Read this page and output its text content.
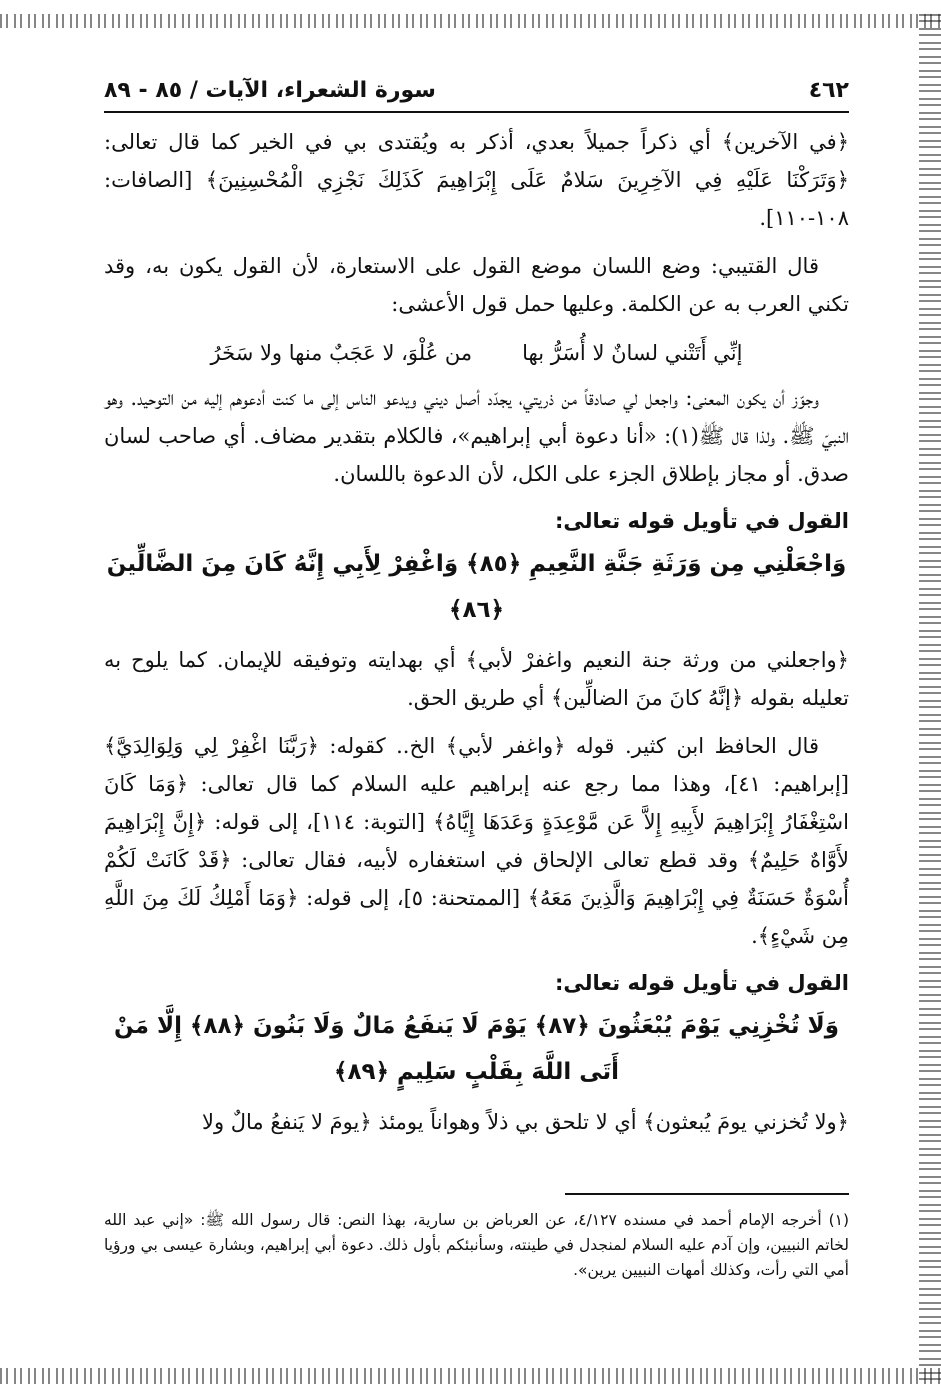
٤٦٢
سورة الشعراء، الآيات / ٨٥ - ٨٩

﴿في الآخرين﴾ أي ذكراً جميلاً بعدي، أذكر به ويُقتدى بي في الخير كما قال تعالى: ﴿وَتَرَكْنَا عَلَيْهِ فِي الآخِرِينَ سَلامٌ عَلَى إِبْرَاهِيمَ كَذَلِكَ نَجْزِي الْمُحْسِنِينَ﴾ [الصافات: ١٠٨-١١٠].

قال القتيبي: وضع اللسان موضع القول على الاستعارة، لأن القول يكون به، وقد تكني العرب به عن الكلمة. وعليها حمل قول الأعشى:

إنِّي أَتَتْني لسانٌ لا أُسَرُّ بها
من عُلْوَ، لا عَجَبٌ منها ولا سَخَرُ

وجوّز أن يكون المعنى: واجعل لي صادقاً من ذريتي، يجدّد أصل ديني ويدعو الناس إلى ما كنت أدعوهم إليه من التوحيد. وهو النبيّ ﷺ. ولذا قال ﷺ(١): «أنا دعوة أبي إبراهيم»، فالكلام بتقدير مضاف. أي صاحب لسان صدق. أو مجاز بإطلاق الجزء على الكل، لأن الدعوة باللسان.

القول في تأويل قوله تعالى:
وَاجْعَلْنِي مِن وَرَثَةِ جَنَّةِ النَّعِيمِ ﴿٨٥﴾ وَاغْفِرْ لِأَبِي إِنَّهُ كَانَ مِنَ الضَّالِّينَ ﴿٨٦﴾

﴿واجعلني من ورثة جنة النعيم واغفرْ لأبي﴾ أي بهدايته وتوفيقه للإيمان. كما يلوح به تعليله بقوله ﴿إنَّهُ كانَ منَ الضالِّين﴾ أي طريق الحق.

قال الحافظ ابن كثير. قوله ﴿واغفر لأبي﴾ الخ.. كقوله: ﴿رَبَّنَا اغْفِرْ لِي وَلِوَالِدَيَّ﴾ [إبراهيم: ٤١]، وهذا مما رجع عنه إبراهيم عليه السلام كما قال تعالى: ﴿وَمَا كَانَ اسْتِغْفَارُ إِبْرَاهِيمَ لأَبِيهِ إِلاَّ عَن مَّوْعِدَةٍ وَعَدَهَا إِيَّاهُ﴾ [التوبة: ١١٤]، إلى قوله: ﴿إِنَّ إِبْرَاهِيمَ لأَوَّاهٌ حَلِيمٌ﴾ وقد قطع تعالى الإلحاق في استغفاره لأبيه، فقال تعالى: ﴿قَدْ كَانَتْ لَكُمْ أُسْوَةٌ حَسَنَةٌ فِي إِبْرَاهِيمَ وَالَّذِينَ مَعَهُ﴾ [الممتحنة: ٥]، إلى قوله: ﴿وَمَا أَمْلِكُ لَكَ مِنَ اللَّهِ مِن شَيْءٍ﴾.

القول في تأويل قوله تعالى:
وَلَا تُخْزِنِي يَوْمَ يُبْعَثُونَ ﴿٨٧﴾ يَوْمَ لَا يَنفَعُ مَالٌ وَلَا بَنُونَ ﴿٨٨﴾ إِلَّا مَنْ أَتَى اللَّهَ بِقَلْبٍ سَلِيمٍ ﴿٨٩﴾

﴿ولا تُخزني يومَ يُبعثون﴾ أي لا تلحق بي ذلاً وهواناً يومئذ ﴿يومَ لا يَنفعُ مالٌ ولا

(١) أخرجه الإمام أحمد في مسنده ٤/١٢٧، عن العرباض بن سارية، بهذا النص: قال رسول الله ﷺ: «إني عبد الله لخاتم النبيين، وإن آدم عليه السلام لمنجدل في طينته، وسأنبئكم بأول ذلك. دعوة أبي إبراهيم، وبشارة عيسى بي ورؤيا أمي التي رأت، وكذلك أمهات النبيين يرين».
